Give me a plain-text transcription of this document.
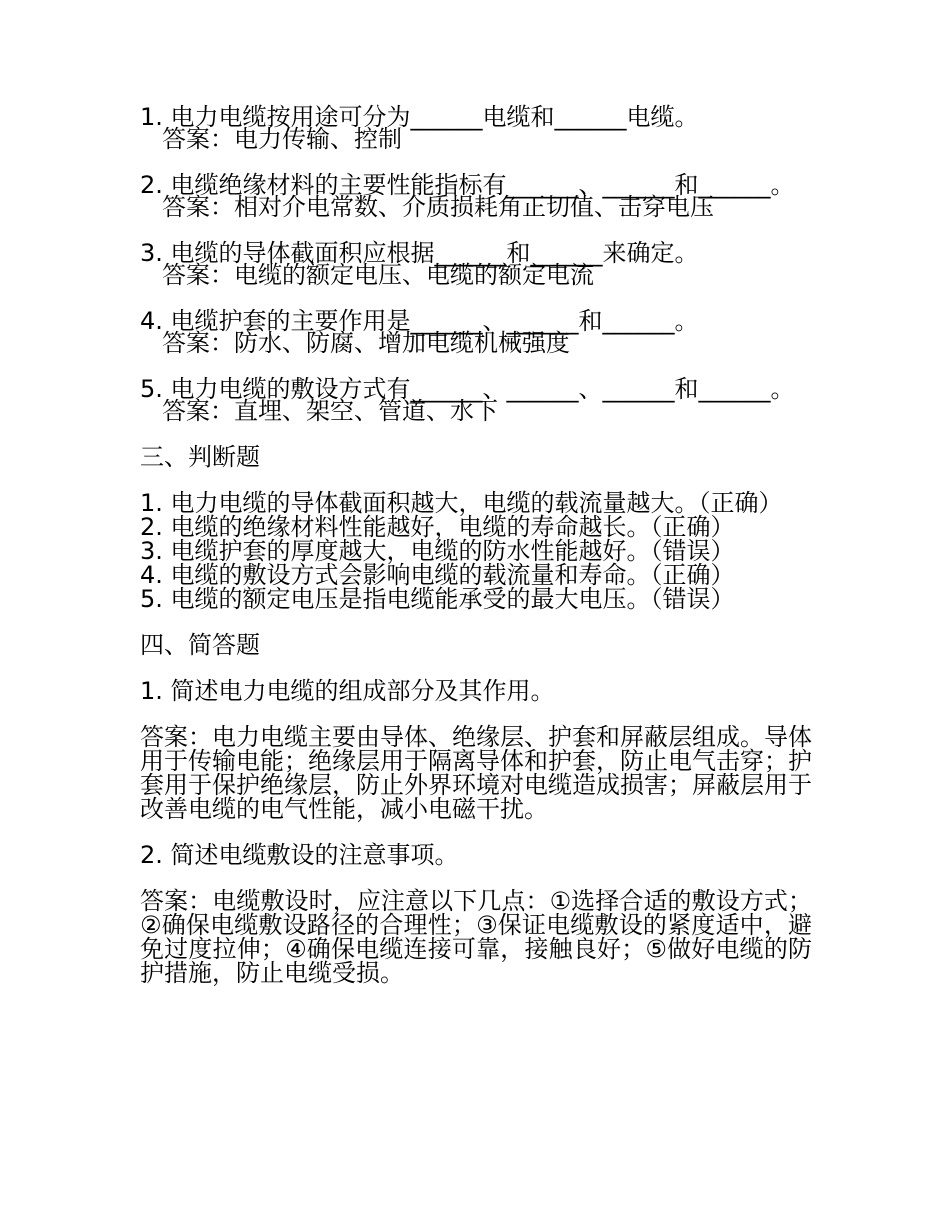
1. 电力电缆按用途可分为______电缆和______电缆。
答案：电力传输、控制
2. 电缆绝缘材料的主要性能指标有______、______和______。
答案：相对介电常数、介质损耗角正切值、击穿电压
3. 电缆的导体截面积应根据______和______来确定。
答案：电缆的额定电压、电缆的额定电流
4. 电缆护套的主要作用是______、______和______。
答案：防水、防腐、增加电缆机械强度
5. 电力电缆的敷设方式有______、______、______和______。
答案：直埋、架空、管道、水下
三、判断题
1. 电力电缆的导体截面积越大，电缆的载流量越大。（正确）
2. 电缆的绝缘材料性能越好，电缆的寿命越长。（正确）
3. 电缆护套的厚度越大，电缆的防水性能越好。（错误）
4. 电缆的敷设方式会影响电缆的载流量和寿命。（正确）
5. 电缆的额定电压是指电缆能承受的最大电压。（错误）
四、简答题
1. 简述电力电缆的组成部分及其作用。
答案：电力电缆主要由导体、绝缘层、护套和屏蔽层组成。导体用于传输电能；绝缘层用于隔离导体和护套，防止电气击穿；护套用于保护绝缘层，防止外界环境对电缆造成损害；屏蔽层用于改善电缆的电气性能，减小电磁干扰。
2. 简述电缆敷设的注意事项。
答案：电缆敷设时，应注意以下几点：①选择合适的敷设方式；②确保电缆敷设路径的合理性；③保证电缆敷设的紧度适中，避免过度拉伸；④确保电缆连接可靠，接触良好；⑤做好电缆的防护措施，防止电缆受损。
